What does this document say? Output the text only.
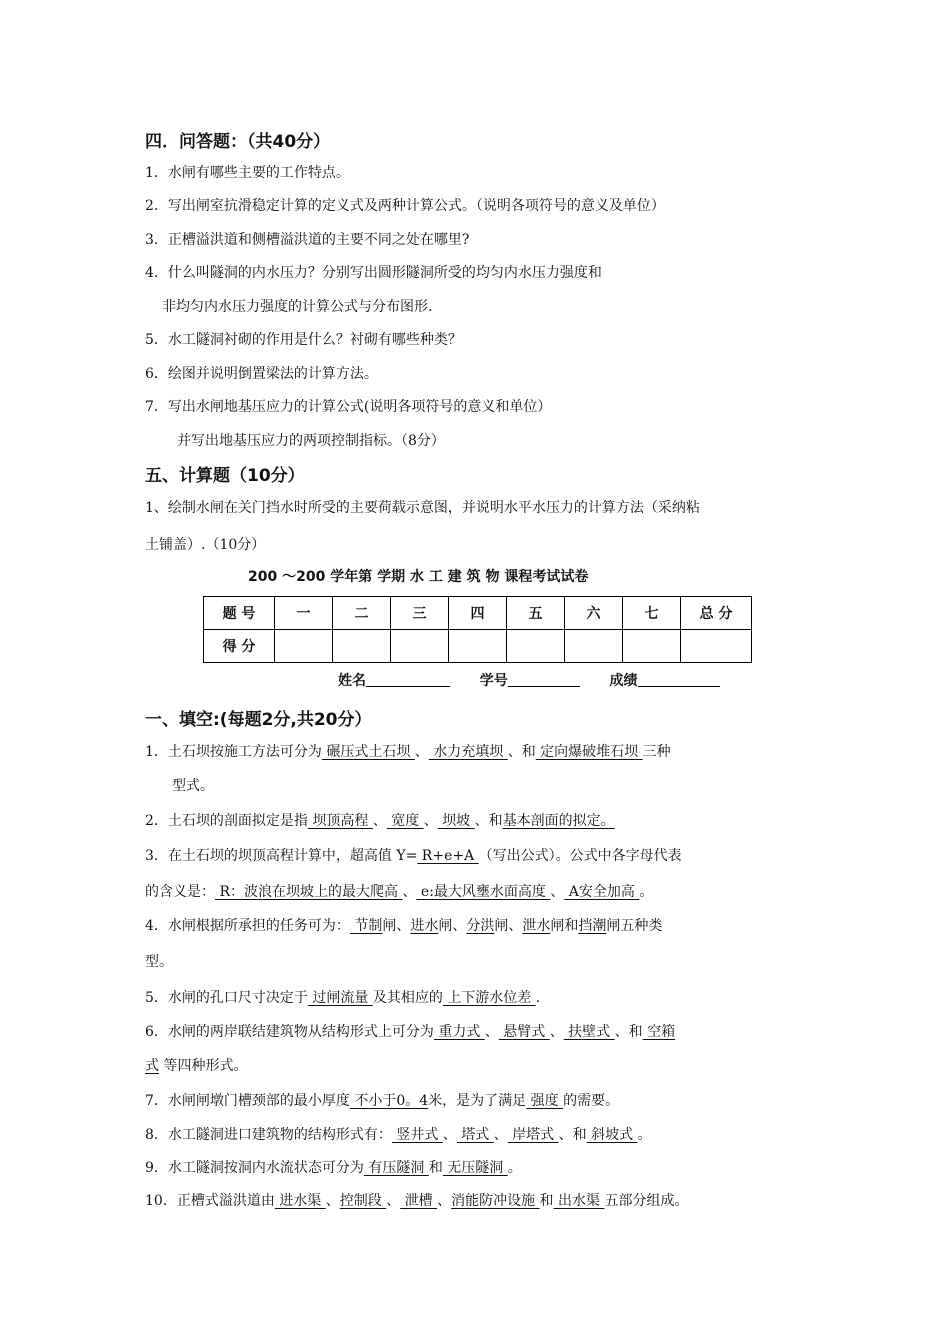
四．问答题：（共40分）
1．水闸有哪些主要的工作特点。
2．写出闸室抗滑稳定计算的定义式及两种计算公式。（说明各项符号的意义及单位）
3．正槽溢洪道和侧槽溢洪道的主要不同之处在哪里?
4．什么叫隧洞的内水压力？分别写出圆形隧洞所受的均匀内水压力强度和
非均匀内水压力强度的计算公式与分布图形.
5．水工隧洞衬砌的作用是什么？衬砌有哪些种类？
6．绘图并说明倒置梁法的计算方法。
7．写出水闸地基压应力的计算公式(说明各项符号的意义和单位）
并写出地基压应力的两项控制指标。（8分）
五、计算题（10分）
1、绘制水闸在关门挡水时所受的主要荷载示意图，并说明水平水压力的计算方法（采纳粘
土铺盖）.（10分）
200 ～200 学年第 学期 水 工 建 筑 物 课程考试试卷
题 号	一	二	三	四	五	六	七	总 分
得 分								
姓名	学号	成绩
一、填空:(每题2分,共20分）
1．土石坝按施工方法可分为 碾压式土石坝 、 水力充填坝 、和 定向爆破堆石坝 三种
型式。
2．土石坝的剖面拟定是指 坝顶高程 、 宽度 、 坝坡 、和基本剖面的拟定。
3．在土石坝的坝顶高程计算中，超高值 Y= R+e+A （写出公式）。公式中各字母代表
的含义是： R：波浪在坝坡上的最大爬高 、 e:最大风壅水面高度 、 A安全加高 。
4．水闸根据所承担的任务可为： 节制闸、进水闸、分洪闸、泄水闸和挡潮闸五种类
型。
5．水闸的孔口尺寸决定于 过闸流量 及其相应的 上下游水位差 .
6．水闸的两岸联结建筑物从结构形式上可分为 重力式 、 悬臂式 、 扶壁式 、和 空箱
式 等四种形式。
7．水闸闸墩门槽颈部的最小厚度 不小于0。4米，是为了满足 强度 的需要。
8．水工隧洞进口建筑物的结构形式有： 竖井式 、 塔式 、 岸塔式 、和 斜坡式 。
9．水工隧洞按洞内水流状态可分为 有压隧洞 和 无压隧洞 。
10．正槽式溢洪道由 进水渠 、控制段 、 泄槽 、消能防冲设施 和 出水渠 五部分组成。
